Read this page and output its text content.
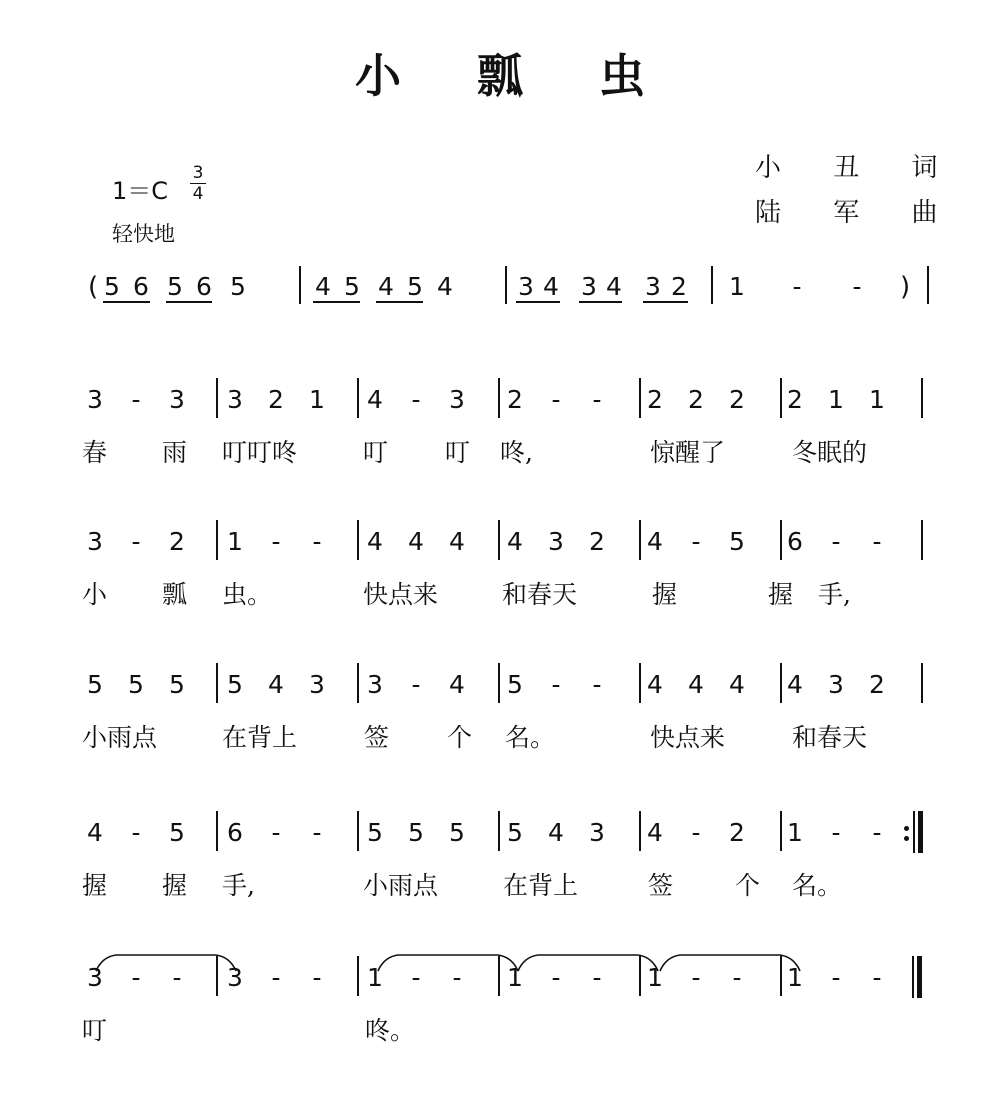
小 瓢 虫
小 丑 词
陆 军 曲
1＝C
3
4
轻快地
( 5 6 5 6 5	4 5 4 5 4	3 4 3 4 3 2 1 - - )
3 - 3 3 2 1 4 - 3 2 - - 2 2 2 2 1 1
春 雨 叮叮咚	叮 叮 咚,	惊醒了	冬眠的
3 - 2 1 - - 4 4 4 4 3 2 4 - 5 6 - -
小 瓢 虫。	快点来	和春天	握	握 手,
5 5 5 5 4 3 3 - 4 5 - - 4 4 4 4 3 2
小雨点	在背上	签 个 名。	快点来	和春天
4 - 5 6 - - 5 5 5 5 4 3 4 - 2 1 - -
握 握 手,	小雨点	在背上	签 个 名。
3 - - 3 - - 1 - - 1 - - 1 - - 1 - -
叮	咚。
